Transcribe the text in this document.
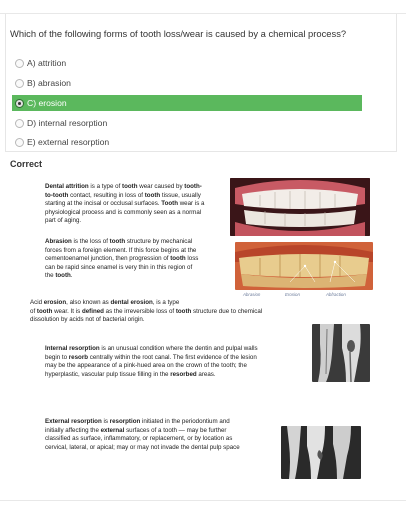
Which of the following forms of tooth loss/wear is caused by a chemical process?
A) attrition
B) abrasion
C) erosion
D) internal resorption
E) external resorption
Correct
Dental attrition is a type of tooth wear caused by tooth-
to-tooth contact, resulting in loss of tooth tissue, usually
starting at the incisal or occlusal surfaces. Tooth wear is a
physiological process and is commonly seen as a normal
part of aging.
Abrasion is the loss of tooth structure by mechanical
forces from a foreign element. If this force begins at the
cementoenamel junction, then progression of tooth loss
can be rapid since enamel is very thin in this region of
the tooth.
Abrasion	Erosion	Abfraction
Acid erosion, also known as dental erosion, is a type
of tooth wear. It is defined as the irreversible loss of tooth structure due to chemical
dissolution by acids not of bacterial origin.
Internal resorption is an unusual condition where the dentin and pulpal walls
begin to resorb centrally within the root canal. The first evidence of the lesion
may be the appearance of a pink-hued area on the crown of the tooth; the
hyperplastic, vascular pulp tissue filling in the resorbed areas.
External resorption is resorption initiated in the periodontium and
initially affecting the external surfaces of a tooth — may be further
classified as surface, inflammatory, or replacement, or by location as
cervical, lateral, or apical; may or may not invade the dental pulp space
